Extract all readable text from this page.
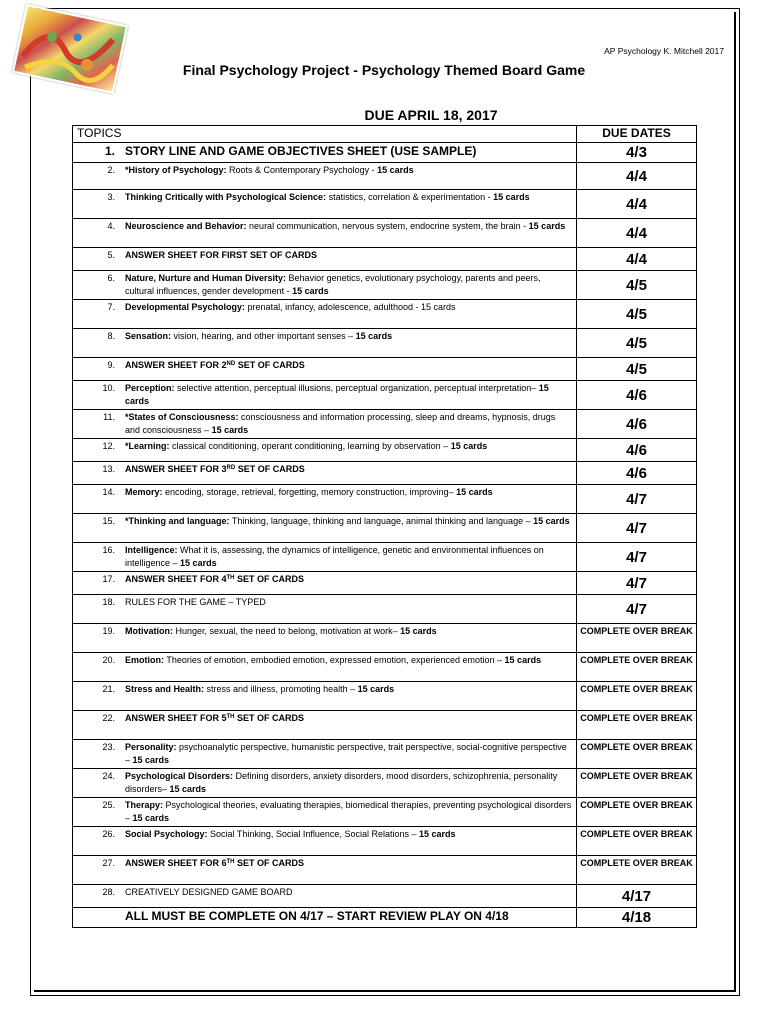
AP Psychology K. Mitchell 2017
Final Psychology Project - Psychology Themed Board Game
DUE APRIL 18, 2017
TOPICS	DUE DATES

1. STORY LINE AND GAME OBJECTIVES SHEET (USE SAMPLE)	4/3

2. *History of Psychology: Roots & Contemporary Psychology - 15 cards	4/4

3. Thinking Critically with Psychological Science: statistics, correlation & experimentation - 15 cards	4/4

4. Neuroscience and Behavior: neural communication, nervous system, endocrine system, the brain - 15 cards	4/4

5. ANSWER SHEET FOR FIRST SET OF CARDS	4/4

6. Nature, Nurture and Human Diversity: Behavior genetics, evolutionary psychology, parents and peers, cultural influences, gender development - 15 cards	4/5

7. Developmental Psychology: prenatal, infancy, adolescence, adulthood - 15 cards	4/5

8. Sensation: vision, hearing, and other important senses – 15 cards	4/5

9. ANSWER SHEET FOR 2ND SET OF CARDS	4/5

10. Perception: selective attention, perceptual illusions, perceptual organization, perceptual interpretation– 15 cards	4/6

11. *States of Consciousness: consciousness and information processing, sleep and dreams, hypnosis, drugs and consciousness – 15 cards	4/6

12. *Learning: classical conditioning, operant conditioning, learning by observation – 15 cards	4/6

13. ANSWER SHEET FOR 3RD SET OF CARDS	4/6

14. Memory: encoding, storage, retrieval, forgetting, memory construction, improving– 15 cards	4/7

15. *Thinking and language: Thinking, language, thinking and language, animal thinking and language – 15 cards	4/7

16. Intelligence: What it is, assessing, the dynamics of intelligence, genetic and environmental influences on intelligence – 15 cards	4/7

17. ANSWER SHEET FOR 4TH SET OF CARDS	4/7

18. RULES FOR THE GAME – TYPED	4/7

19. Motivation: Hunger, sexual, the need to belong, motivation at work– 15 cards	COMPLETE OVER BREAK

20. Emotion: Theories of emotion, embodied emotion, expressed emotion, experienced emotion – 15 cards	COMPLETE OVER BREAK

21. Stress and Health: stress and illness, promoting health – 15 cards	COMPLETE OVER BREAK

22. ANSWER SHEET FOR 5TH SET OF CARDS	COMPLETE OVER BREAK

23. Personality: psychoanalytic perspective, humanistic perspective, trait perspective, social-cognitive perspective – 15 cards	COMPLETE OVER BREAK

24. Psychological Disorders: Defining disorders, anxiety disorders, mood disorders, schizophrenia, personality disorders– 15 cards	COMPLETE OVER BREAK

25. Therapy: Psychological theories, evaluating therapies, biomedical therapies, preventing psychological disorders – 15 cards	COMPLETE OVER BREAK

26. Social Psychology: Social Thinking, Social Influence, Social Relations – 15 cards	COMPLETE OVER BREAK

27. ANSWER SHEET FOR 6TH SET OF CARDS	COMPLETE OVER BREAK

28. CREATIVELY DESIGNED GAME BOARD	4/17
ALL MUST BE COMPLETE ON 4/17 – START REVIEW PLAY ON 4/18	4/18
